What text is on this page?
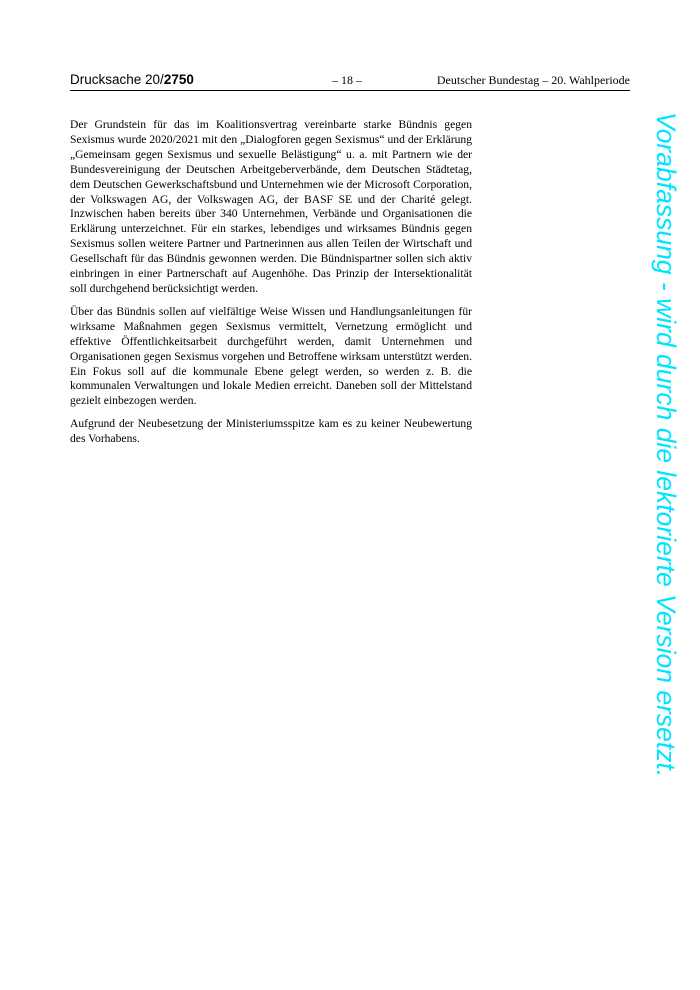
Drucksache 20/2750	– 18 –	Deutscher Bundestag – 20. Wahlperiode

Der Grundstein für das im Koalitionsvertrag vereinbarte starke Bündnis gegen Sexismus wurde 2020/2021 mit den „Dialogforen gegen Sexismus“ und der Erklärung „Gemeinsam gegen Sexismus und sexuelle Belästigung“ u. a. mit Partnern wie der Bundesvereinigung der Deutschen Arbeitgeberverbände, dem Deutschen Städtetag, dem Deutschen Gewerkschaftsbund und Unternehmen wie der Microsoft Corporation, der Volkswagen AG, der Volkswagen AG, der BASF SE und der Charité gelegt. Inzwischen haben bereits über 340 Unternehmen, Verbände und Organisationen die Erklärung unterzeichnet. Für ein starkes, lebendiges und wirksames Bündnis gegen Sexismus sollen weitere Partner und Partnerinnen aus allen Teilen der Wirtschaft und Gesellschaft für das Bündnis gewonnen werden. Die Bündnispartner sollen sich aktiv einbringen in einer Partnerschaft auf Augenhöhe. Das Prinzip der Intersektionalität soll durchgehend berücksichtigt werden.

Über das Bündnis sollen auf vielfältige Weise Wissen und Handlungsanleitungen für wirksame Maßnahmen gegen Sexismus vermittelt, Vernetzung ermöglicht und effektive Öffentlichkeitsarbeit durchgeführt werden, damit Unternehmen und Organisationen gegen Sexismus vorgehen und Betroffene wirksam unterstützt werden. Ein Fokus soll auf die kommunale Ebene gelegt werden, so werden z. B. die kommunalen Verwaltungen und lokale Medien erreicht. Daneben soll der Mittelstand gezielt einbezogen werden.

Aufgrund der Neubesetzung der Ministeriumsspitze kam es zu keiner Neubewertung des Vorhabens.	Vorabfassung - wird durch die lektorierte Version ersetzt.
